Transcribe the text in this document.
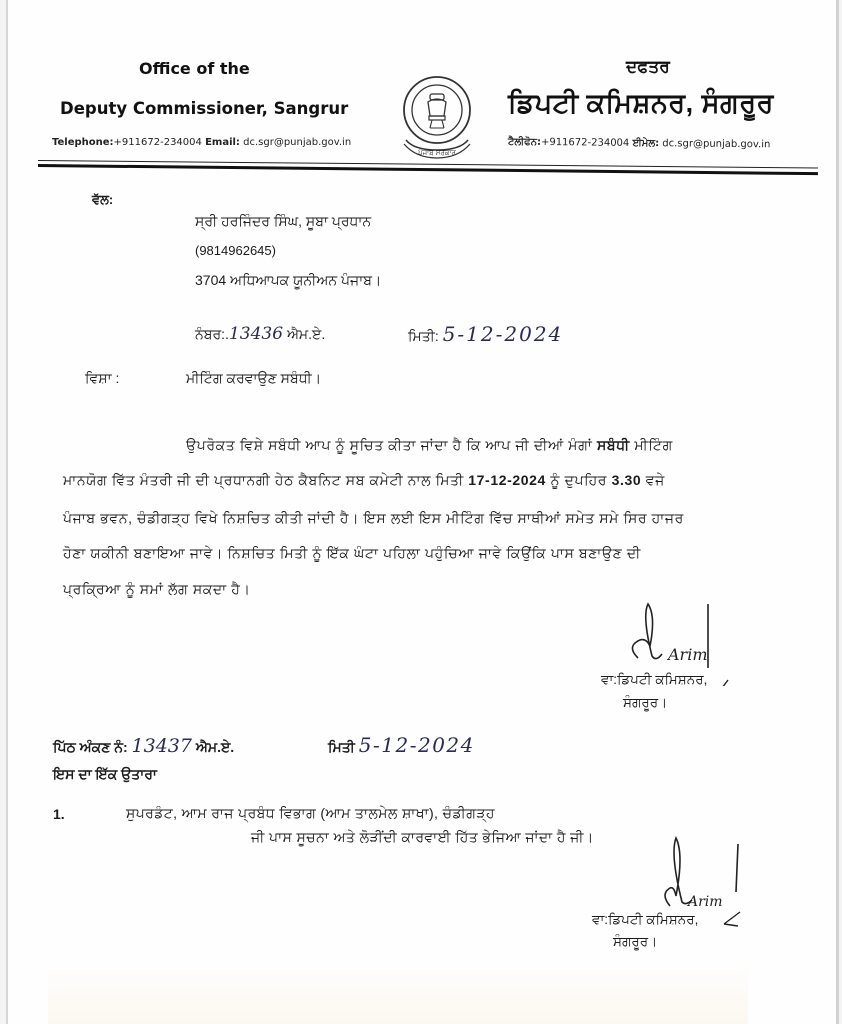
Office of the
Deputy Commissioner, Sangrur
Telephone:+911672-234004 Email: dc.sgr@punjab.gov.in
ਪੰਜਾਬ ਸਰਕਾਰ
ਦਫਤਰ
ਡਿਪਟੀ ਕਮਿਸ਼ਨਰ, ਸੰਗਰੂਰ
ਟੈਲੀਫੋਨ:+911672-234004 ਈਮੇਲ: dc.sgr@punjab.gov.in
ਵੱਲ:
ਸ੍ਰੀ ਹਰਜਿੰਦਰ ਸਿੰਘ, ਸੂਬਾ ਪ੍ਰਧਾਨ
(9814962645)
3704 ਅਧਿਆਪਕ ਯੂਨੀਅਨ ਪੰਜਾਬ।
ਨੰਬਰ:.13436 ਐਮ.ਏ.	ਮਿਤੀ: 5-12-2024
ਵਿਸ਼ਾ :	ਮੀਟਿੰਗ ਕਰਵਾਉਣ ਸਬੰਧੀ।
ਉਪਰੋਕਤ ਵਿਸ਼ੇ ਸਬੰਧੀ ਆਪ ਨੂੰ ਸੂਚਿਤ ਕੀਤਾ ਜਾਂਦਾ ਹੈ ਕਿ ਆਪ ਜੀ ਦੀਆਂ ਮੰਗਾਂ ਸਬੰਧੀ ਮੀਟਿੰਗ
ਮਾਨਯੋਗ ਵਿੱਤ ਮੰਤਰੀ ਜੀ ਦੀ ਪ੍ਰਧਾਨਗੀ ਹੇਠ ਕੈਬਨਿਟ ਸਬ ਕਮੇਟੀ ਨਾਲ ਮਿਤੀ 17-12-2024 ਨੂੰ ਦੁਪਹਿਰ 3.30 ਵਜੇ
ਪੰਜਾਬ ਭਵਨ, ਚੰਡੀਗੜ੍ਹ ਵਿਖੇ ਨਿਸ਼ਚਿਤ ਕੀਤੀ ਜਾਂਦੀ ਹੈ। ਇਸ ਲਈ ਇਸ ਮੀਟਿੰਗ ਵਿੱਚ ਸਾਥੀਆਂ ਸਮੇਤ ਸਮੇ ਸਿਰ ਹਾਜਰ
ਹੋਣਾ ਯਕੀਨੀ ਬਣਾਇਆ ਜਾਵੇ। ਨਿਸ਼ਚਿਤ ਮਿਤੀ ਨੂੰ ਇੱਕ ਘੰਟਾ ਪਹਿਲਾ ਪਹੁੰਚਿਆ ਜਾਵੇ ਕਿਉਂਕਿ ਪਾਸ ਬਣਾਉਣ ਦੀ
ਪ੍ਰਕ੍ਰਿਆ ਨੂੰ ਸਮਾਂ ਲੱਗ ਸਕਦਾ ਹੈ।
Arim
ਵਾ:ਡਿਪਟੀ ਕਮਿਸ਼ਨਰ,
ਸੰਗਰੂਰ।
ਪਿੱਠ ਅੰਕਣ ਨੰ: 13437 ਐਮ.ਏ.	ਮਿਤੀ 5-12-2024
ਇਸ ਦਾ ਇੱਕ ਉਤਾਰਾ
1.	ਸੁਪਰਡੰਟ, ਆਮ ਰਾਜ ਪ੍ਰਬੰਧ ਵਿਭਾਗ (ਆਮ ਤਾਲਮੇਲ ਸ਼ਾਖਾ), ਚੰਡੀਗੜ੍ਹ
ਜੀ ਪਾਸ ਸੂਚਨਾ ਅਤੇ ਲੋੜੀਂਦੀ ਕਾਰਵਾਈ ਹਿੱਤ ਭੇਜਿਆ ਜਾਂਦਾ ਹੈ ਜੀ।
Arim
ਵਾ:ਡਿਪਟੀ ਕਮਿਸ਼ਨਰ,
ਸੰਗਰੂਰ।
